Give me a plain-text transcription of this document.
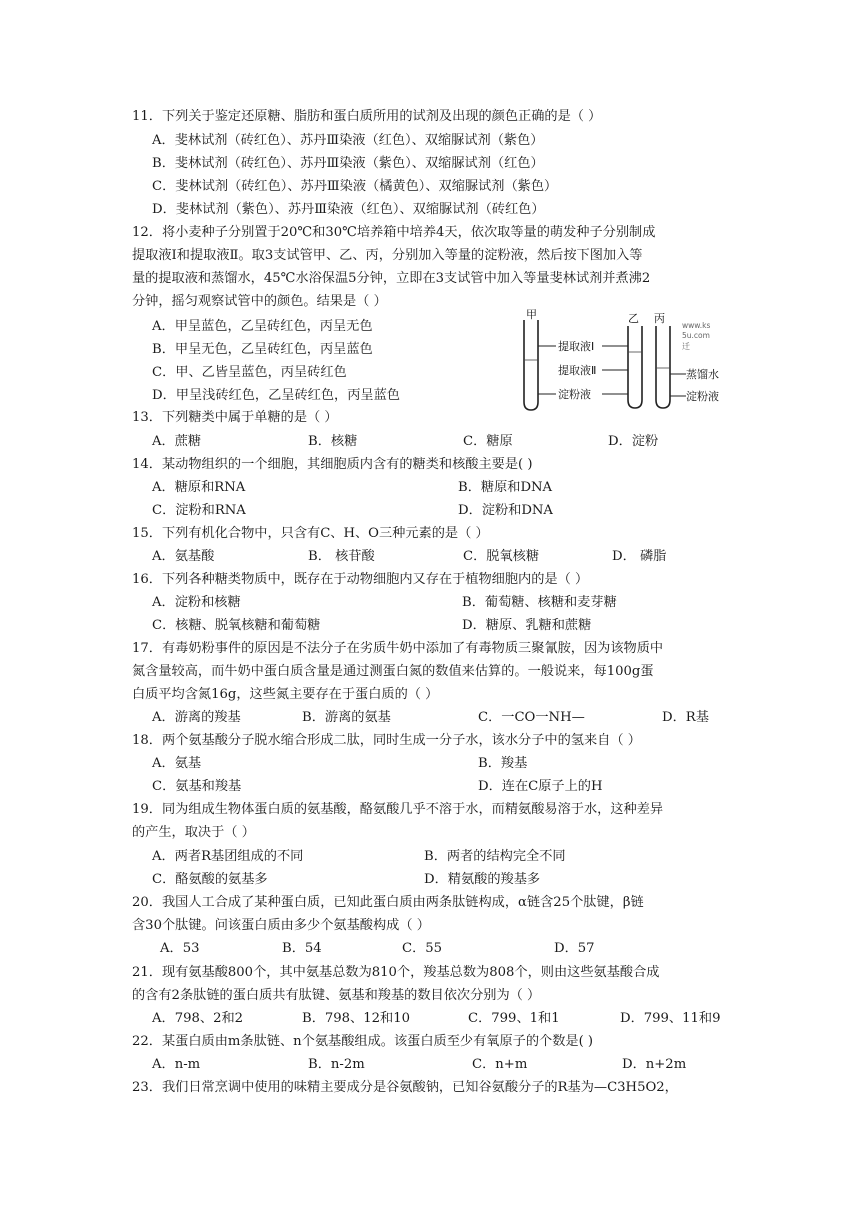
11．下列关于鉴定还原糖、脂肪和蛋白质所用的试剂及出现的颜色正确的是（ ）
A．斐林试剂（砖红色）、苏丹Ⅲ染液（红色）、双缩脲试剂（紫色）
B．斐林试剂（砖红色）、苏丹Ⅲ染液（紫色）、双缩脲试剂（红色）
C．斐林试剂（砖红色）、苏丹Ⅲ染液（橘黄色）、双缩脲试剂（紫色）
D．斐林试剂（紫色）、苏丹Ⅲ染液（红色）、双缩脲试剂（砖红色）
12．将小麦种子分别置于20℃和30℃培养箱中培养4天，依次取等量的萌发种子分别制成
提取液Ⅰ和提取液Ⅱ。取3支试管甲、乙、丙，分别加入等量的淀粉液，然后按下图加入等
量的提取液和蒸馏水，45℃水浴保温5分钟，立即在3支试管中加入等量斐林试剂并煮沸2
分钟，摇匀观察试管中的颜色。结果是（ ）
A．甲呈蓝色，乙呈砖红色，丙呈无色
B．甲呈无色，乙呈砖红色，丙呈蓝色
C．甲、乙皆呈蓝色，丙呈砖红色
D．甲呈浅砖红色，乙呈砖红色，丙呈蓝色
甲	乙 丙
提取液Ⅰ
提取液Ⅱ
淀粉液
蒸馏水
淀粉液
www.ks
5u.com
迁
13．下列糖类中属于单糖的是（ ）
A．蔗糖	B．核糖	C．糖原	D．淀粉
14．某动物组织的一个细胞，其细胞质内含有的糖类和核酸主要是( )
A．糖原和RNA	B．糖原和DNA
C．淀粉和RNA	D．淀粉和DNA
15．下列有机化合物中，只含有C、H、O三种元素的是（ ）
A．氨基酸	B． 核苷酸	C．脱氧核糖	D． 磷脂
16．下列各种糖类物质中，既存在于动物细胞内又存在于植物细胞内的是（ ）
A．淀粉和核糖	B．葡萄糖、核糖和麦芽糖
C．核糖、脱氧核糖和葡萄糖	D．糖原、乳糖和蔗糖
17．有毒奶粉事件的原因是不法分子在劣质牛奶中添加了有毒物质三聚氰胺，因为该物质中
氮含量较高，而牛奶中蛋白质含量是通过测蛋白氮的数值来估算的。一般说来，每100g蛋
白质平均含氮16g，这些氮主要存在于蛋白质的（ ）
A．游离的羧基	B．游离的氨基	C．一CO一NH—	D．R基
18．两个氨基酸分子脱水缩合形成二肽，同时生成一分子水，该水分子中的氢来自（ ）
A．氨基	B．羧基
C．氨基和羧基	D．连在C原子上的H
19．同为组成生物体蛋白质的氨基酸，酪氨酸几乎不溶于水，而精氨酸易溶于水，这种差异
的产生，取决于（ ）
A．两者R基团组成的不同	B．两者的结构完全不同
C．酪氨酸的氨基多	D．精氨酸的羧基多
20．我国人工合成了某种蛋白质，已知此蛋白质由两条肽链构成，α链含25个肽键，β链
含30个肽键。问该蛋白质由多少个氨基酸构成（ ）
A．53	B．54	C．55	D．57
21．现有氨基酸800个，其中氨基总数为810个，羧基总数为808个，则由这些氨基酸合成
的含有2条肽链的蛋白质共有肽键、氨基和羧基的数目依次分别为（ ）
A．798、2和2	B．798、12和10	C．799、1和1	D．799、11和9
22．某蛋白质由m条肽链、n个氨基酸组成。该蛋白质至少有氧原子的个数是( )
A．n-m	B．n-2m	C．n+m	D．n+2m
23．我们日常烹调中使用的味精主要成分是谷氨酸钠，已知谷氨酸分子的R基为—C3H5O2，
